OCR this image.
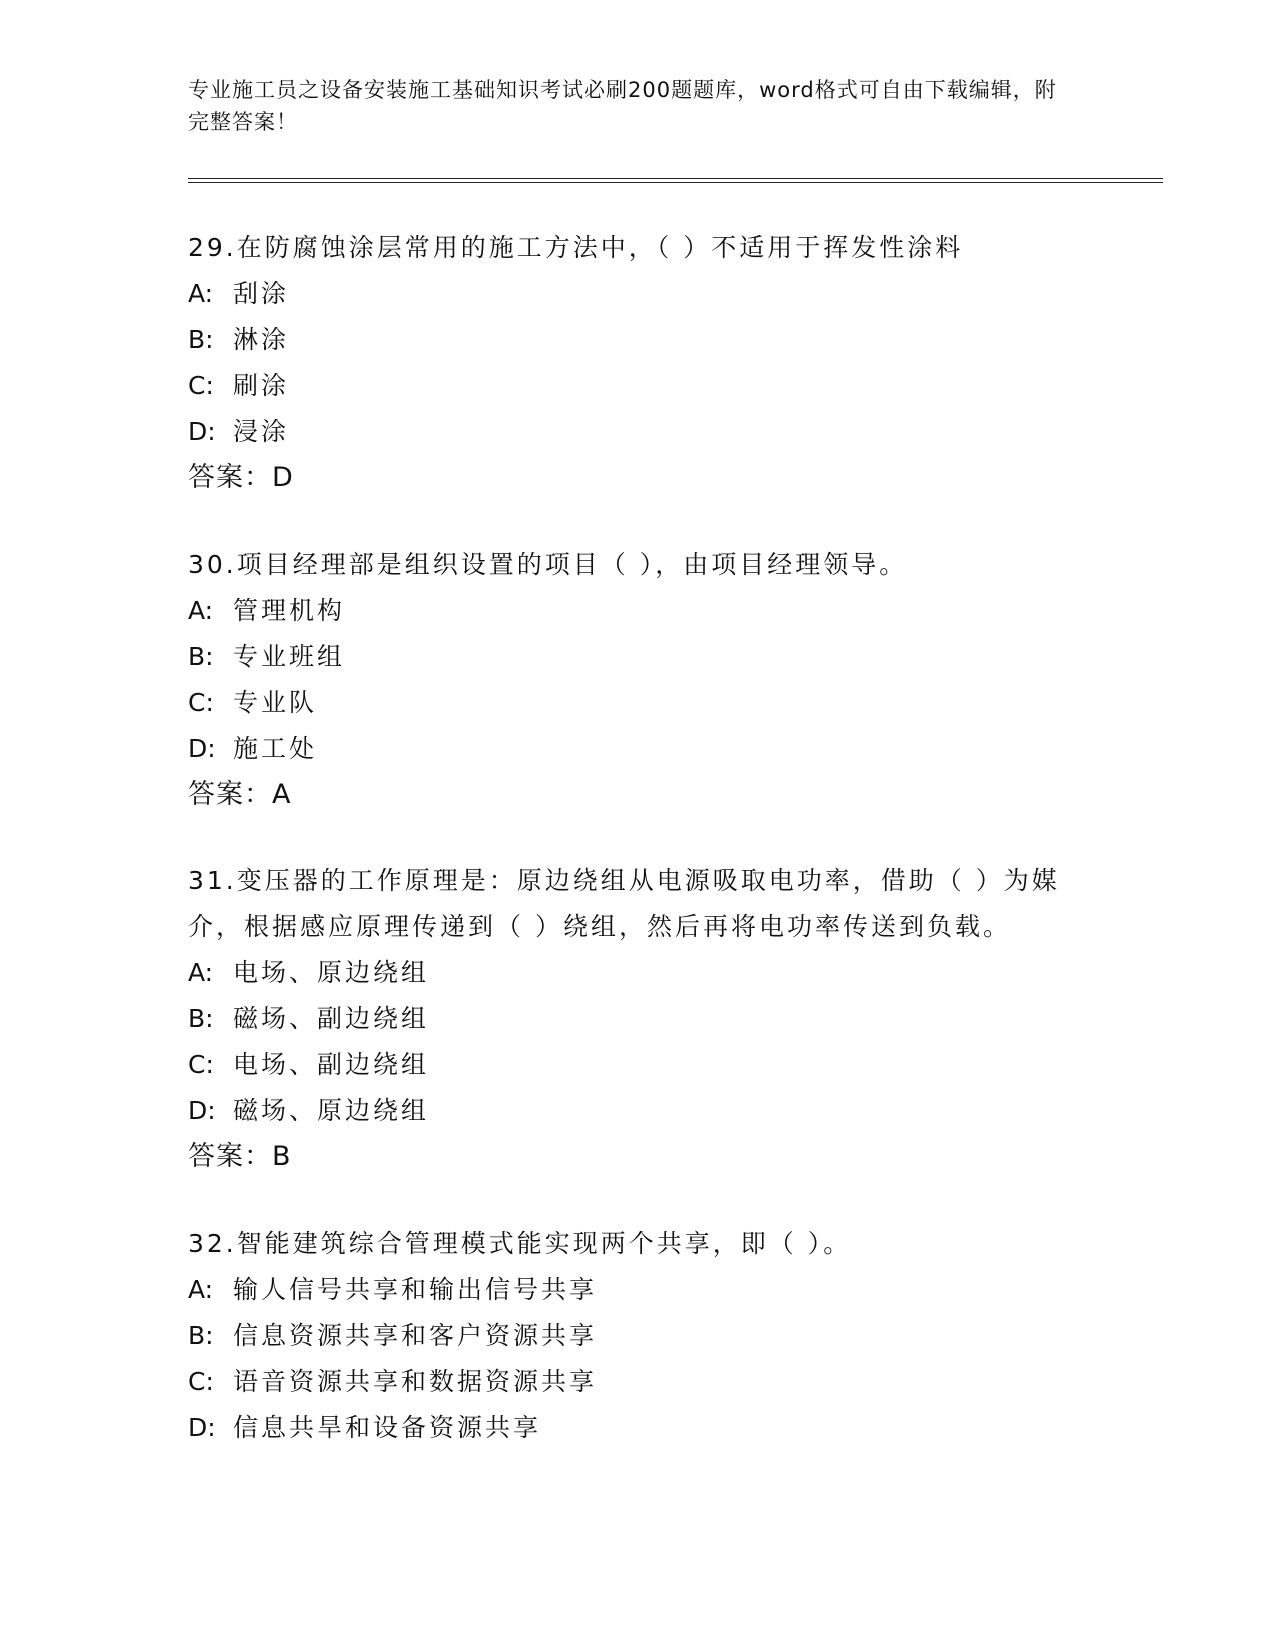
专业施工员之设备安装施工基础知识考试必刷200题题库，word格式可自由下载编辑，附完整答案！
29.在防腐蚀涂层常用的施工方法中，（ ）不适用于挥发性涂料
A: 刮涂
B: 淋涂
C: 刷涂
D: 浸涂
答案：D
30.项目经理部是组织设置的项目（ ），由项目经理领导。
A: 管理机构
B: 专业班组
C: 专业队
D: 施工处
答案：A
31.变压器的工作原理是：原边绕组从电源吸取电功率，借助（ ）为媒介，根据感应原理传递到（ ）绕组，然后再将电功率传送到负载。
A: 电场、原边绕组
B: 磁场、副边绕组
C: 电场、副边绕组
D: 磁场、原边绕组
答案：B
32.智能建筑综合管理模式能实现两个共享，即（ ）。
A: 输人信号共享和输出信号共享
B: 信息资源共享和客户资源共享
C: 语音资源共享和数据资源共享
D: 信息共旱和设备资源共享
